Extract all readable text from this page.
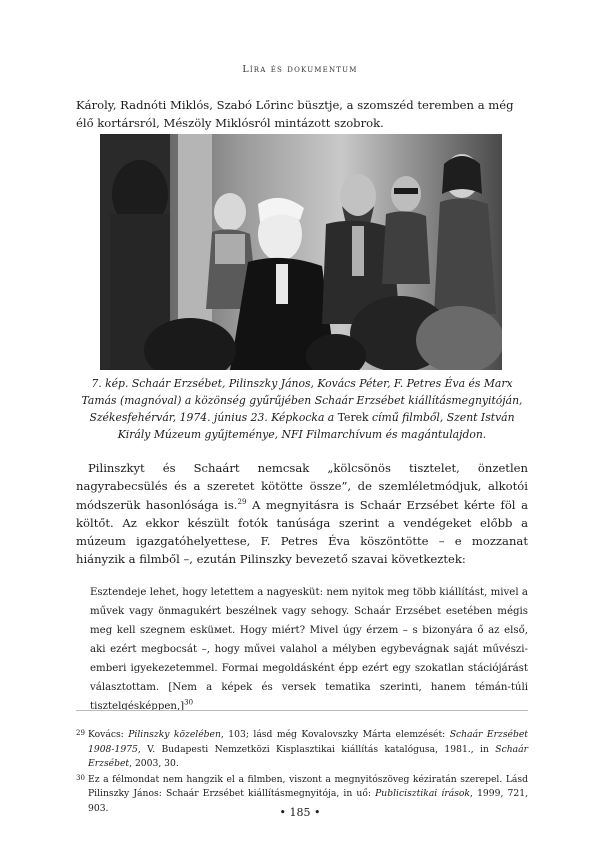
Líra és dokumentum

Károly, Radnóti Miklós, Szabó Lőrinc büsztje, a szomszéd teremben a még élő kortársról, Mészöly Miklósról mintázott szobrok.

7. kép. Schaár Erzsébet, Pilinszky János, Kovács Péter, F. Petres Éva és Marx Tamás (magnóval) a közönség gyűrűjében Schaár Erzsébet kiállításmegnyitóján, Székesfehérvár, 1974. június 23. Képkocka a Terek című filmből, Szent István Király Múzeum gyűjteménye, NFI Filmarchívum és magántulajdon.

Pilinszkyt és Schaárt nemcsak „kölcsönös tisztelet, önzetlen nagyrabecsülés és a szeretet kötötte össze”, de szemléletmódjuk, alkotói módszerük hasonlósága is.$^{29}$ A megnyitásra is Schaár Erzsébet kérte föl a költőt. Az ekkor készült fotók tanúsága szerint a vendégeket előbb a múzeum igazgatóhelyettese, F. Petres Éva köszöntötte – e mozzanat hiányzik a filmből –, ezután Pilinszky bevezető szavai következtek:

Esztendeje lehet, hogy letettem a nagyesküt: nem nyitok meg több kiállítást, mivel a művek vagy önmagukért beszélnek vagy sehogy. Schaár Erzsébet esetében mégis meg kell szegnem esküмet. Hogy miért? Mivel úgy érzem – s bizonyára ő az első, aki ezért megbocsát –, hogy művei valahol a mélyben egybevágnak saját művészi-emberi igyekezetemmel. Formai megoldásként épp ezért egy szokatlan stációjárást választottam. [Nem a képek és versek tematika szerinti, hanem témán-túli tisztelgésképpen,]$^{30}$

29 Kovács: Pilinszky közelében, 103; lásd még Kovalovszky Márta elemzését: Schaár Erzsébet 1908-1975, V. Budapesti Nemzetközi Kisplasztikai kiállítás katalógusa, 1981., in Schaár Erzsébet, 2003, 30.

30 Ez a félmondat nem hangzik el a filmben, viszont a megnyitószöveg kéziratán szerepel. Lásd Pilinszky János: Schaár Erzsébet kiállításmegnyitója, in uő: Publicisztikai írások, 1999, 721, 903.	• 185 •
